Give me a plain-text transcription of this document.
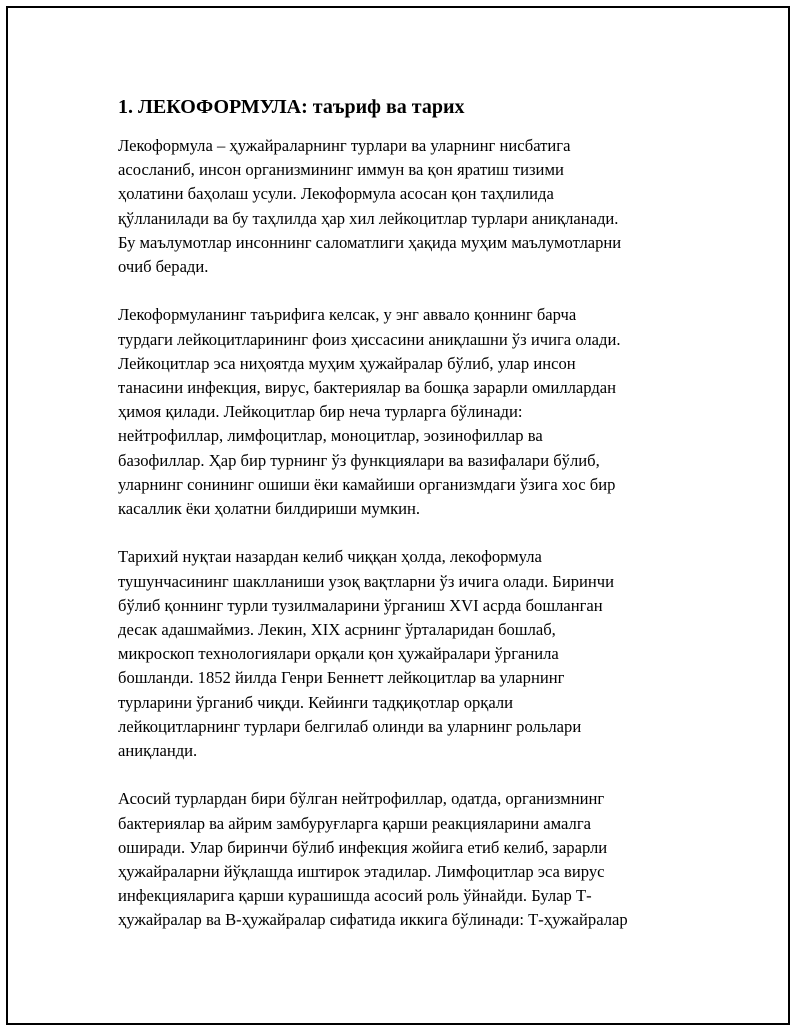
1. ЛЕКОФОРМУЛА: таъриф ва тарих
Лекоформула – ҳужайраларнинг турлари ва уларнинг нисбатига
асосланиб, инсон организмининг иммун ва қон яратиш тизими
ҳолатини баҳолаш усули. Лекоформула асосан қон таҳлилида
қўлланилади ва бу таҳлилда ҳар хил лейкоцитлар турлари аниқланади.
Бу маълумотлар инсоннинг саломатлиги ҳақида муҳим маълумотларни
очиб беради.
Лекоформуланинг таърифига келсак, у энг аввало қоннинг барча
турдаги лейкоцитларининг фоиз ҳиссасини аниқлашни ўз ичига олади.
Лейкоцитлар эса ниҳоятда муҳим ҳужайралар бўлиб, улар инсон
танасини инфекция, вирус, бактериялар ва бошқа зарарли омиллардан
ҳимоя қилади. Лейкоцитлар бир неча турларга бўлинади:
нейтрофиллар, лимфоцитлар, моноцитлар, эозинофиллар ва
базофиллар. Ҳар бир турнинг ўз функциялари ва вазифалари бўлиб,
уларнинг сонининг ошиши ёки камайиши организмдаги ўзига хос бир
касаллик ёки ҳолатни билдириши мумкин.
Тарихий нуқтаи назардан келиб чиққан ҳолда, лекоформула
тушунчасининг шаклланиши узоқ вақтларни ўз ичига олади. Биринчи
бўлиб қоннинг турли тузилмаларини ўрганиш XVI асрда бошланган
десак адашмаймиз. Лекин, XIX асрнинг ўрталаридан бошлаб,
микроскоп технологиялари орқали қон ҳужайралари ўрганила
бошланди. 1852 йилда Генри Беннетт лейкоцитлар ва уларнинг
турларини ўрганиб чиқди. Кейинги тадқиқотлар орқали
лейкоцитларнинг турлари белгилаб олинди ва уларнинг рольлари
аниқланди.
Асосий турлардан бири бўлган нейтрофиллар, одатда, организмнинг
бактериялар ва айрим замбуруғларга қарши реакцияларини амалга
оширади. Улар биринчи бўлиб инфекция жойига етиб келиб, зарарли
ҳужайраларни йўқлашда иштирок этадилар. Лимфоцитлар эса вирус
инфекцияларига қарши курашишда асосий роль ўйнайди. Булар Т-
ҳужайралар ва В-ҳужайралар сифатида иккига бўлинади: Т-ҳужайралар
